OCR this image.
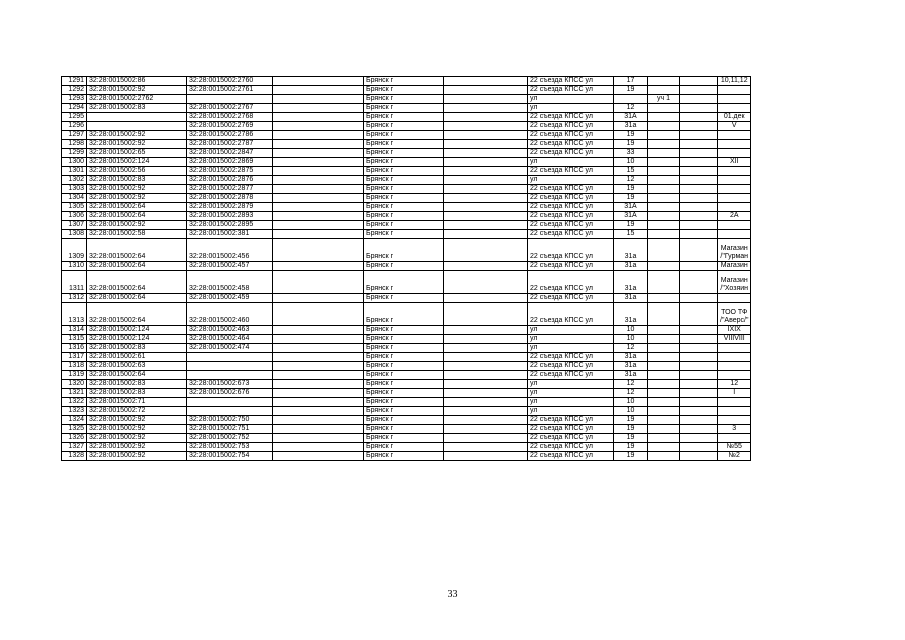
1291	32:28:0015002:86	32:28:0015002:2760		Брянск г		22 съезда КПСС ул	17			10,11,12
1292	32:28:0015002:92	32:28:0015002:2761		Брянск г		22 съезда КПСС ул	19			
1293	32:28:0015002:2762			Брянск г		ул		уч 1		
1294	32:28:0015002:83	32:28:0015002:2767		Брянск г		ул	12			
1295		32:28:0015002:2768		Брянск г		22 съезда КПСС ул	31А			01.дек
1296		32:28:0015002:2769		Брянск г		22 съезда КПСС ул	31а			V
1297	32:28:0015002:92	32:28:0015002:2786		Брянск г		22 съезда КПСС ул	19			
1298	32:28:0015002:92	32:28:0015002:2787		Брянск г		22 съезда КПСС ул	19			
1299	32:28:0015002:65	32:28:0015002:2847		Брянск г		22 съезда КПСС ул	33			
1300	32:28:0015002:124	32:28:0015002:2869		Брянск г		ул	10			XII
1301	32:28:0015002:56	32:28:0015002:2875		Брянск г		22 съезда КПСС ул	15			
1302	32:28:0015002:83	32:28:0015002:2876		Брянск г		ул	12			
1303	32:28:0015002:92	32:28:0015002:2877		Брянск г		22 съезда КПСС ул	19			
1304	32:28:0015002:92	32:28:0015002:2878		Брянск г		22 съезда КПСС ул	19			
1305	32:28:0015002:64	32:28:0015002:2879		Брянск г		22 съезда КПСС ул	31А			
1306	32:28:0015002:64	32:28:0015002:2893		Брянск г		22 съезда КПСС ул	31А			2А
1307	32:28:0015002:92	32:28:0015002:2895		Брянск г		22 съезда КПСС ул	19			
1308	32:28:0015002:58	32:28:0015002:381		Брянск г		22 съезда КПСС ул	15			
1309	32:28:0015002:64	32:28:0015002:456		Брянск г		22 съезда КПСС ул	31а			Магазин /"Гурман
1310	32:28:0015002:64	32:28:0015002:457		Брянск г		22 съезда КПСС ул	31а			Магазин
1311	32:28:0015002:64	32:28:0015002:458		Брянск г		22 съезда КПСС ул	31а			Магазин /"Хозяин
1312	32:28:0015002:64	32:28:0015002:459		Брянск г		22 съезда КПСС ул	31а			
1313	32:28:0015002:64	32:28:0015002:460		Брянск г		22 съезда КПСС ул	31а			ТОО ТФ /"Аверс/"
1314	32:28:0015002:124	32:28:0015002:463		Брянск г		ул	10			IXIX
1315	32:28:0015002:124	32:28:0015002:464		Брянск г		ул	10			VIIIVIII
1316	32:28:0015002:83	32:28:0015002:474		Брянск г		ул	12			
1317	32:28:0015002:61			Брянск г		22 съезда КПСС ул	31а			
1318	32:28:0015002:63			Брянск г		22 съезда КПСС ул	31а			
1319	32:28:0015002:64			Брянск г		22 съезда КПСС ул	31а			
1320	32:28:0015002:83	32:28:0015002:673		Брянск г		ул	12			12
1321	32:28:0015002:83	32:28:0015002:676		Брянск г		ул	12			I
1322	32:28:0015002:71			Брянск г		ул	10			
1323	32:28:0015002:72			Брянск г		ул	10			
1324	32:28:0015002:92	32:28:0015002:750		Брянск г		22 съезда КПСС ул	19			
1325	32:28:0015002:92	32:28:0015002:751		Брянск г		22 съезда КПСС ул	19			3
1326	32:28:0015002:92	32:28:0015002:752		Брянск г		22 съезда КПСС ул	19			
1327	32:28:0015002:92	32:28:0015002:753		Брянск г		22 съезда КПСС ул	19			№55
1328	32:28:0015002:92	32:28:0015002:754		Брянск г		22 съезда КПСС ул	19			№2
33
